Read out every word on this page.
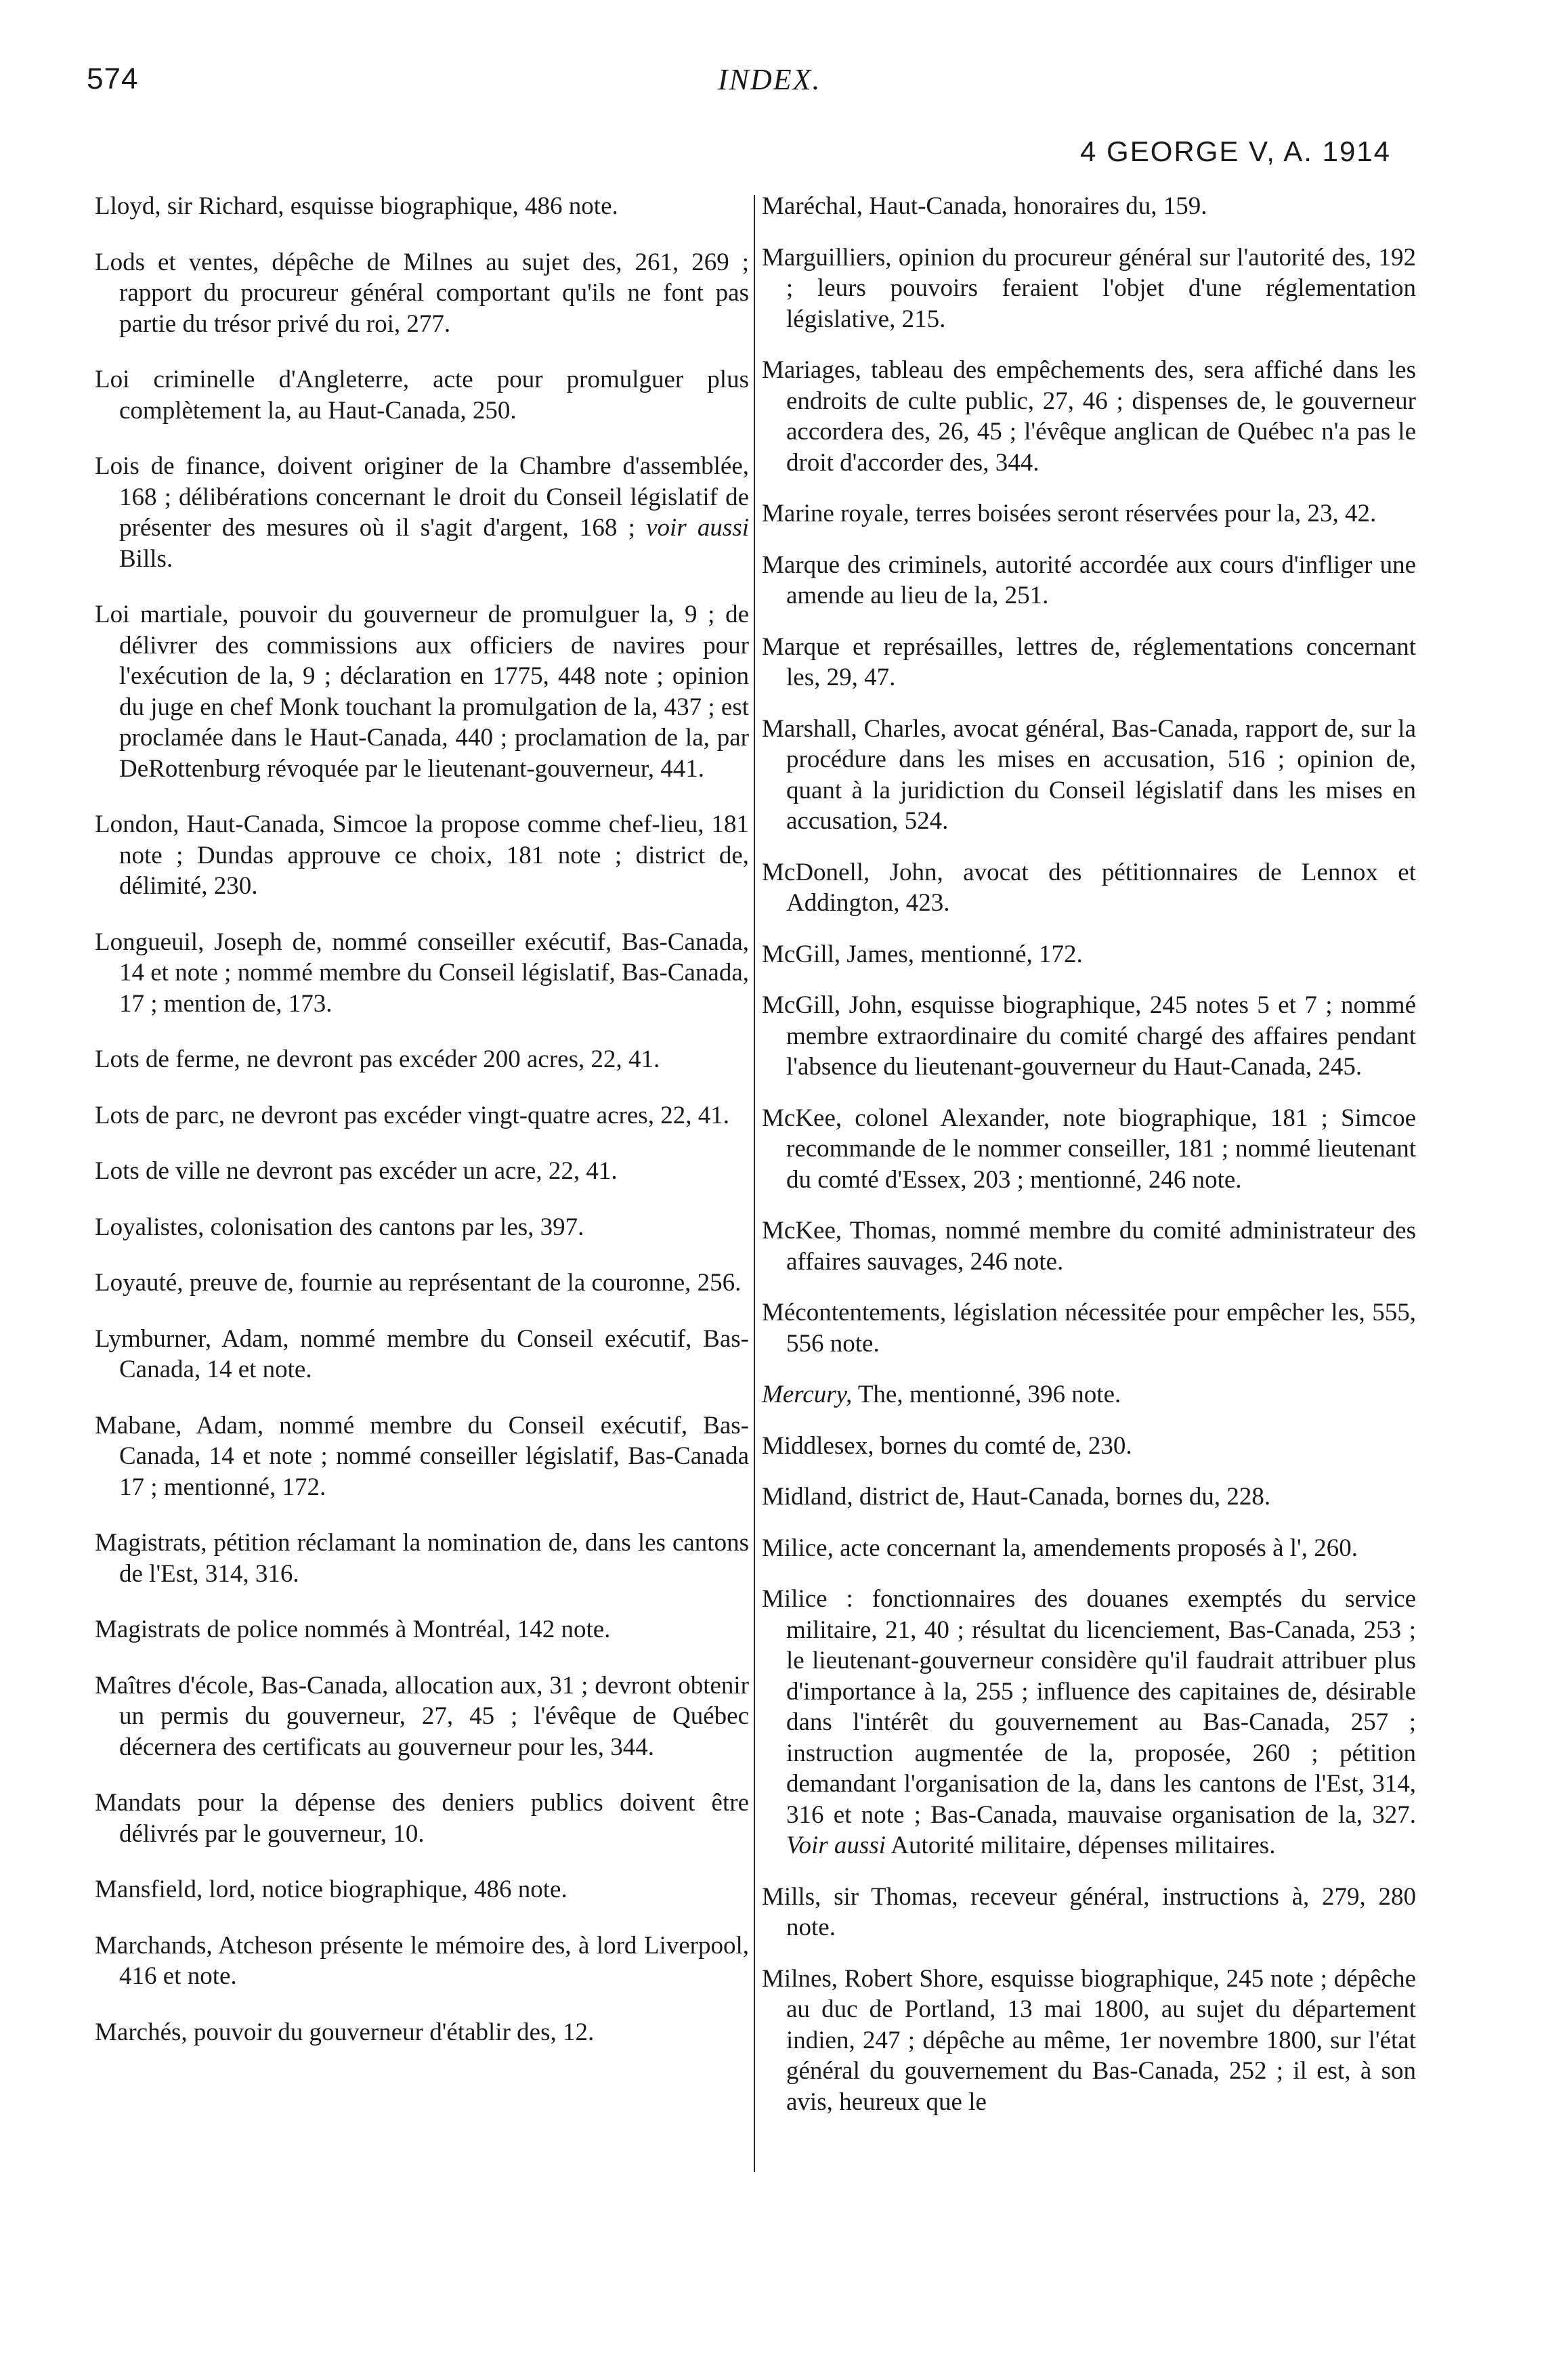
574	INDEX.
4 GEORGE V, A. 1914

Lloyd, sir Richard, esquisse biographique, 486 note.

Lods et ventes, dépêche de Milnes au sujet des, 261, 269 ; rapport du procureur général comportant qu'ils ne font pas partie du trésor privé du roi, 277.

Loi criminelle d'Angleterre, acte pour promulguer plus complètement la, au Haut-Canada, 250.

Lois de finance, doivent originer de la Chambre d'assemblée, 168 ; délibérations concernant le droit du Conseil législatif de présenter des mesures où il s'agit d'argent, 168 ; voir aussi Bills.

Loi martiale, pouvoir du gouverneur de promulguer la, 9 ; de délivrer des commissions aux officiers de navires pour l'exécution de la, 9 ; déclaration en 1775, 448 note ; opinion du juge en chef Monk touchant la promulgation de la, 437 ; est proclamée dans le Haut-Canada, 440 ; proclamation de la, par DeRottenburg révoquée par le lieutenant-gouverneur, 441.

London, Haut-Canada, Simcoe la propose comme chef-lieu, 181 note ; Dundas approuve ce choix, 181 note ; district de, délimité, 230.

Longueuil, Joseph de, nommé conseiller exécutif, Bas-Canada, 14 et note ; nommé membre du Conseil législatif, Bas-Canada, 17 ; mention de, 173.

Lots de ferme, ne devront pas excéder 200 acres, 22, 41.

Lots de parc, ne devront pas excéder vingt-quatre acres, 22, 41.

Lots de ville ne devront pas excéder un acre, 22, 41.

Loyalistes, colonisation des cantons par les, 397.

Loyauté, preuve de, fournie au représentant de la couronne, 256.

Lymburner, Adam, nommé membre du Conseil exécutif, Bas-Canada, 14 et note.

Mabane, Adam, nommé membre du Conseil exécutif, Bas-Canada, 14 et note ; nommé conseiller législatif, Bas-Canada 17 ; mentionné, 172.

Magistrats, pétition réclamant la nomination de, dans les cantons de l'Est, 314, 316.

Magistrats de police nommés à Montréal, 142 note.

Maîtres d'école, Bas-Canada, allocation aux, 31 ; devront obtenir un permis du gouverneur, 27, 45 ; l'évêque de Québec décernera des certificats au gouverneur pour les, 344.

Mandats pour la dépense des deniers publics doivent être délivrés par le gouverneur, 10.

Mansfield, lord, notice biographique, 486 note.

Marchands, Atcheson présente le mémoire des, à lord Liverpool, 416 et note.

Marchés, pouvoir du gouverneur d'établir des, 12.

Maréchal, Haut-Canada, honoraires du, 159.

Marguilliers, opinion du procureur général sur l'autorité des, 192 ; leurs pouvoirs feraient l'objet d'une réglementation législative, 215.

Mariages, tableau des empêchements des, sera affiché dans les endroits de culte public, 27, 46 ; dispenses de, le gouverneur accordera des, 26, 45 ; l'évêque anglican de Québec n'a pas le droit d'accorder des, 344.

Marine royale, terres boisées seront réservées pour la, 23, 42.

Marque des criminels, autorité accordée aux cours d'infliger une amende au lieu de la, 251.

Marque et représailles, lettres de, réglementations concernant les, 29, 47.

Marshall, Charles, avocat général, Bas-Canada, rapport de, sur la procédure dans les mises en accusation, 516 ; opinion de, quant à la juridiction du Conseil législatif dans les mises en accusation, 524.

McDonell, John, avocat des pétitionnaires de Lennox et Addington, 423.

McGill, James, mentionné, 172.

McGill, John, esquisse biographique, 245 notes 5 et 7 ; nommé membre extraordinaire du comité chargé des affaires pendant l'absence du lieutenant-gouverneur du Haut-Canada, 245.

McKee, colonel Alexander, note biographique, 181 ; Simcoe recommande de le nommer conseiller, 181 ; nommé lieutenant du comté d'Essex, 203 ; mentionné, 246 note.

McKee, Thomas, nommé membre du comité administrateur des affaires sauvages, 246 note.

Mécontentements, législation nécessitée pour empêcher les, 555, 556 note.

Mercury, The, mentionné, 396 note.

Middlesex, bornes du comté de, 230.

Midland, district de, Haut-Canada, bornes du, 228.

Milice, acte concernant la, amendements proposés à l', 260.

Milice : fonctionnaires des douanes exemptés du service militaire, 21, 40 ; résultat du licenciement, Bas-Canada, 253 ; le lieutenant-gouverneur considère qu'il faudrait attribuer plus d'importance à la, 255 ; influence des capitaines de, désirable dans l'intérêt du gouvernement au Bas-Canada, 257 ; instruction augmentée de la, proposée, 260 ; pétition demandant l'organisation de la, dans les cantons de l'Est, 314, 316 et note ; Bas-Canada, mauvaise organisation de la, 327. Voir aussi Autorité militaire, dépenses militaires.

Mills, sir Thomas, receveur général, instructions à, 279, 280 note.

Milnes, Robert Shore, esquisse biographique, 245 note ; dépêche au duc de Portland, 13 mai 1800, au sujet du département indien, 247 ; dépêche au même, 1er novembre 1800, sur l'état général du gouvernement du Bas-Canada, 252 ; il est, à son avis, heureux que le
